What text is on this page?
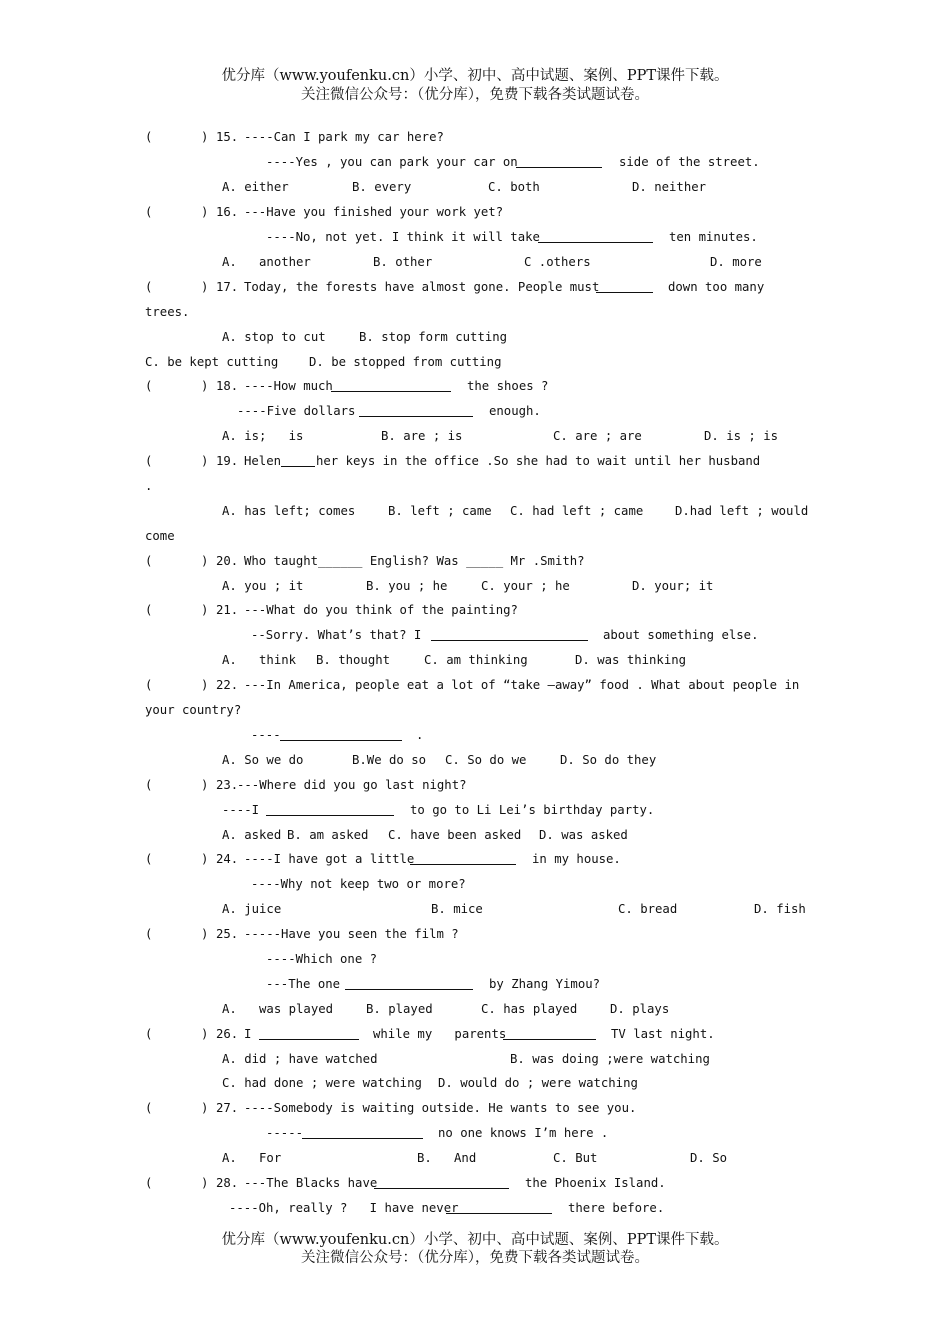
优分库（www.youfenku.cn）小学、初中、高中试题、案例、PPT课件下载。
关注微信公众号：（优分库），免费下载各类试题试卷。
(	) 15. ----Can I park my car here?
----Yes , you can park your car on	side of the street.
A. either	B. every	C. both	D. neither
(	) 16. ---Have you finished your work yet?
----No, not yet. I think it will take	ten minutes.
A.   another	B. other	C .others	D. more
(	) 17. Today, the forests have almost gone. People must	down too many
trees.
A. stop to cut	B. stop form cutting
C. be kept cutting D. be stopped from cutting
(	) 18. ----How much	the shoes ?
----Five dollars	enough.
A. is;   is	B. are ; is	C. are ; are	D. is ; is
(	) 19. Helen	her keys in the office .So she had to wait until her husband
.
A. has left; comes	B. left ; came C. had left ; came	D.had left ; would
come
(	) 20. Who taught______ English? Was _____ Mr .Smith?
A. you ; it	B. you ; he	C. your ; he	D. your; it
(	) 21. ---What do you think of the painting?
--Sorry. What’s that? I	about something else.
A.   think B. thought	C. am thinking	D. was thinking
(	) 22. ---In America, people eat a lot of “take –away” food . What about people in
your country?
----	.
A. So we do	B.We do so C. So do we	D. So do they
(	) 23.
---Where did you go last night?
----I	to go to Li Lei’s birthday party.
A. asked B. am asked C. have been asked D. was asked
(	) 24. ----I have got a little	in my house.
----Why not keep two or more?
A. juice	B. mice	C. bread	D. fish
(	) 25. -----Have you seen the film ?
----Which one ?
---The one	by Zhang Yimou?
A.   was played	B. played	C. has played	D. plays
(	) 26. I	while my   parents	TV last night.
A. did ; have watched	B. was doing ;were watching
C. had done ; were watching D. would do ; were watching
(	) 27. ----Somebody is waiting outside. He wants to see you.
-----	no one knows I’m here .
A.   For	B.   And	C. But	D. So
(	) 28. ---The Blacks have	the Phoenix Island.
----Oh, really ?   I have never	there before.
优分库（www.youfenku.cn）小学、初中、高中试题、案例、PPT课件下载。
关注微信公众号：（优分库），免费下载各类试题试卷。
